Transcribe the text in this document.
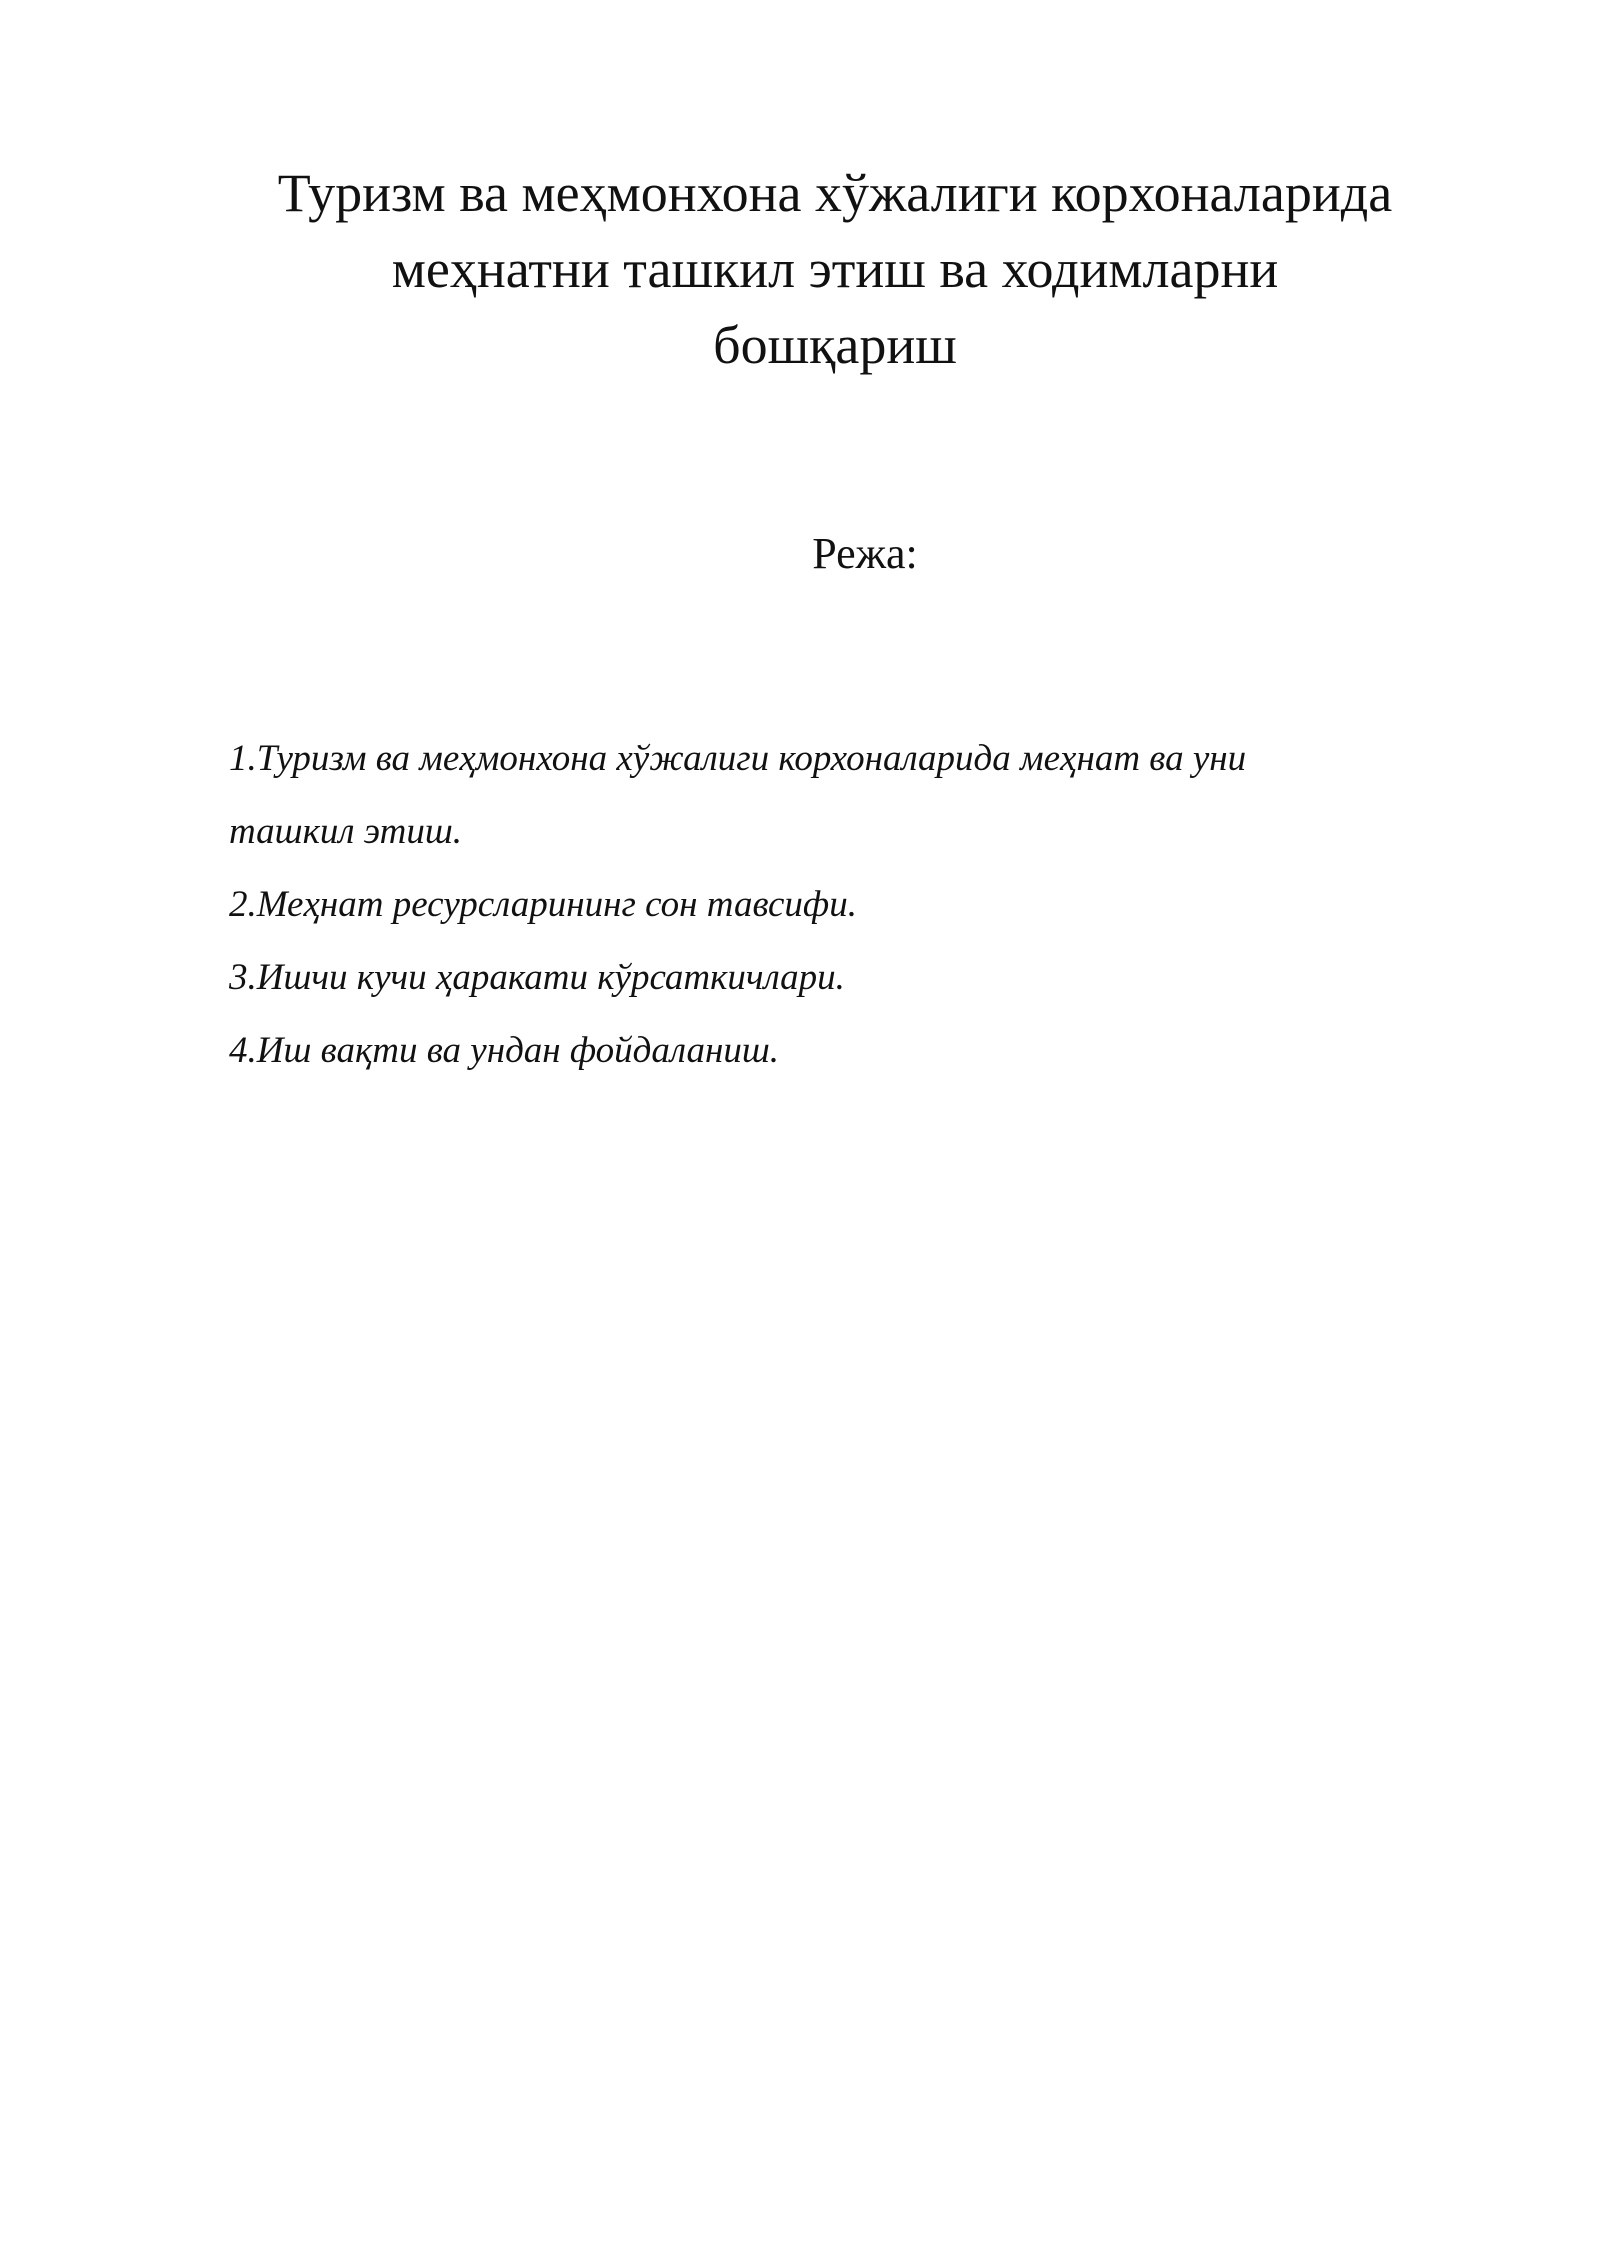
Туризм ва меҳмонхона хўжалиги корхоналарида
меҳнатни ташкил этиш ва ходимларни
бошқариш
Режа:
1.Туризм ва меҳмонхона хўжалиги корхоналарида меҳнат ва уни
ташкил этиш.
2.Меҳнат ресурсларининг сон тавсифи.
3.Ишчи кучи ҳаракати кўрсаткичлари.
4.Иш вақти ва ундан фойдаланиш.
